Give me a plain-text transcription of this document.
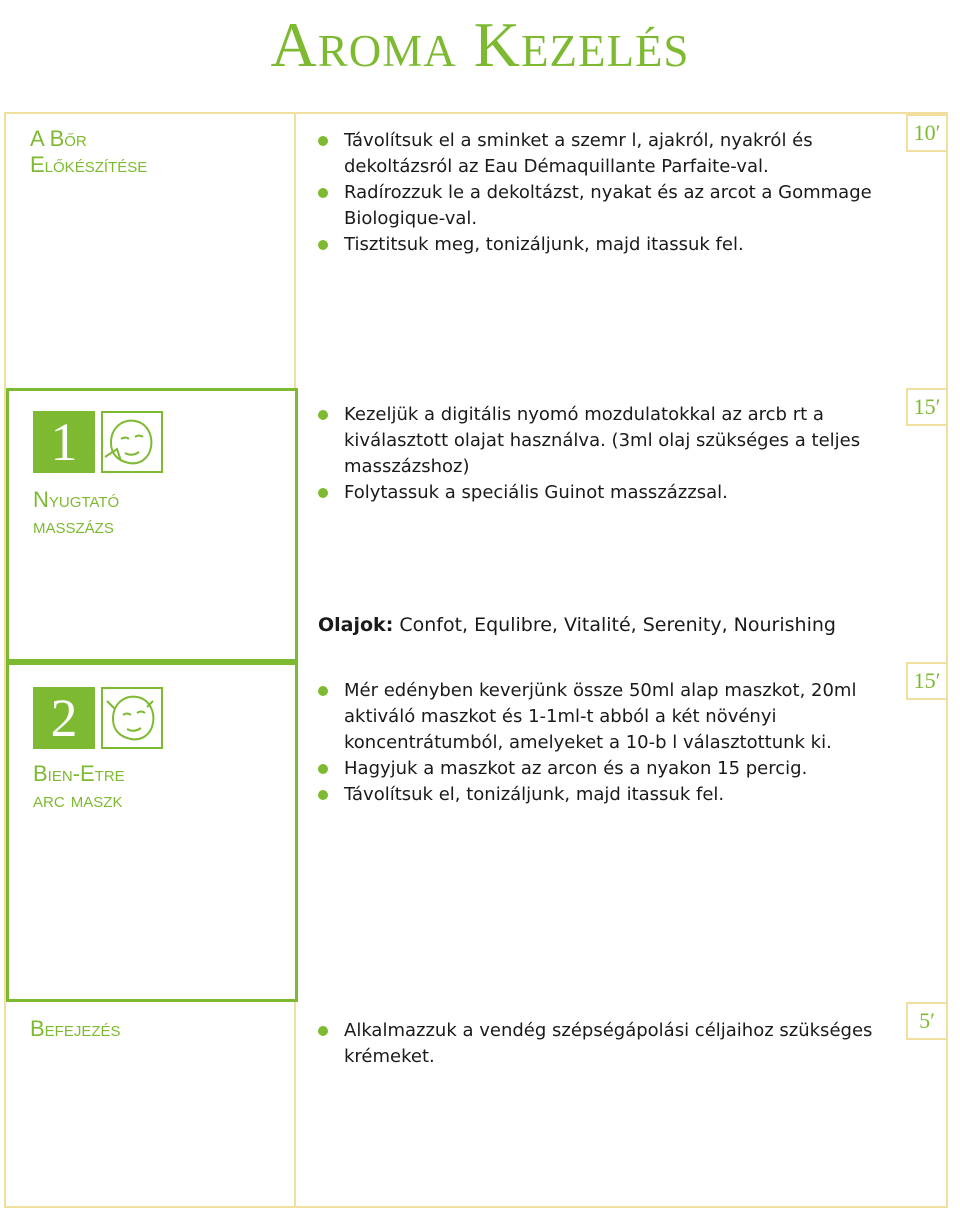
Aroma Kezelés
A Bőr
Előkészítése
10′
Távolítsuk el a sminket a szemr l, ajakról, nyakról és dekoltázsról az Eau Démaquillante Parfaite-val.
Radírozzuk le a dekoltázst, nyakat és az arcot a Gommage Biologique-val.
Tisztitsuk meg, tonizáljunk, majd itassuk fel.
1
Nyugtató
masszázs
15′
Kezeljük a digitális nyomó mozdulatokkal az arcb rt a kiválasztott olajat használva. (3ml olaj szükséges a teljes masszázshoz)
Folytassuk a speciális Guinot masszázzsal.
Olajok: Confot, Equlibre, Vitalité, Serenity, Nourishing
2
Bien-Etre
arc maszk
15′
Mér edényben keverjünk össze 50ml alap maszkot, 20ml aktiváló maszkot és 1-1ml-t abból a két növényi koncentrátumból, amelyeket a 10-b l választottunk ki.
Hagyjuk a maszkot az arcon és a nyakon 15 percig.
Távolítsuk el, tonizáljunk, majd itassuk fel.
Befejezés	5′
Alkalmazzuk a vendég szépségápolási céljaihoz szükséges krémeket.
